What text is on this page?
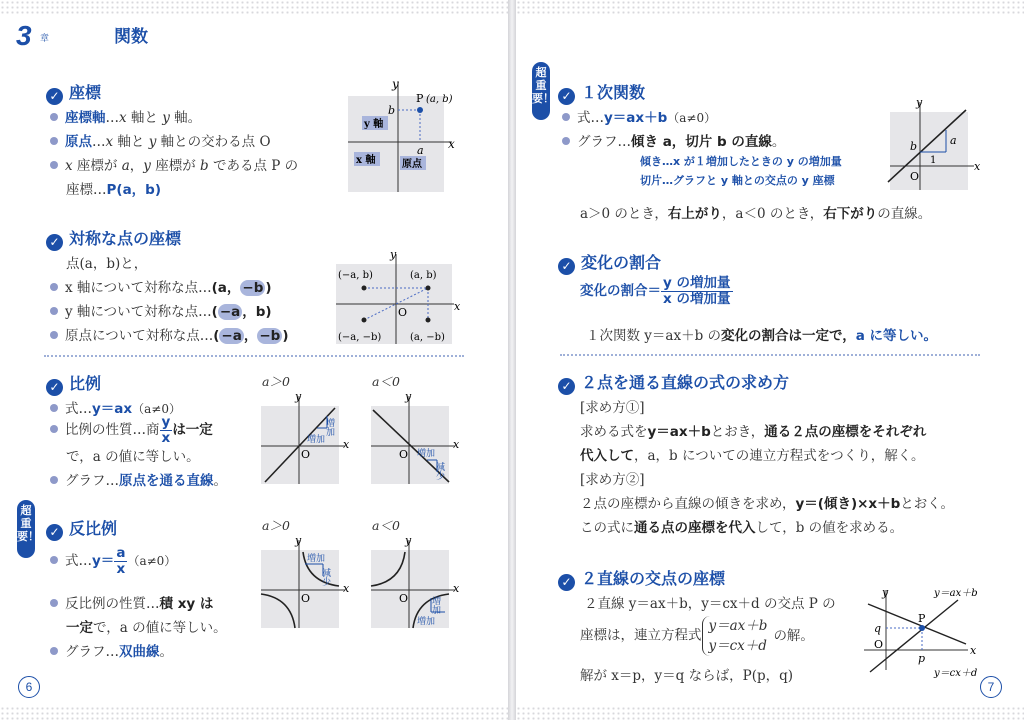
3 章	関数
✓ 座標
座標軸…x 軸と y 軸。
原点…x 軸と y 軸との交わる点 O
x 座標が a，y 座標が b である点 P の
座標…P(a，b)
y
x
b
a
P (a, b)
y 軸
x 軸	原点
✓ 対称な点の座標
点(a，b)と，
x 軸について対称な点…(a， −b )
y 軸について対称な点…( −a ，b)
原点について対称な点…( −a ， −b )
y
x
O
(−a, b)	(a, b)
(−a, −b)	(a, −b)
✓ 比例
式…y＝ax（a≠0）
比例の性質…商 $\frac{y}{x}$ は一定
で，a の値に等しい。
グラフ…原点を通る直線。
a＞0	a＜0
y
x
O
増加
増加
y
x
O 増加
減少
超重要！ ✓ 反比例
式…y＝ $\frac{a}{x} (a\ne 0)$
反比例の性質…積 xy は
一定で，a の値に等しい。
グラフ…双曲線。
a＞0	a＜0
y
x
O
増加
減少
y
x
O 増加
増加
6
超重要！ ✓ １次関数
式…y＝ax＋b（a≠0）
グラフ…傾き a，切片 b の直線。
傾き…x が１増加したときの y の増加量
切片…グラフと y 軸との交点の y 座標
a＞0 のとき，右上がり，a＜0 のとき，右下がりの直線。
y
x
O
b	a
1
✓ 変化の割合
変化の割合＝ $\frac{\text{y の増加量}}{\text{x の増加量}}$
１次関数 y＝ax＋b の変化の割合は一定で，a に等しい。
✓ ２点を通る直線の式の求め方
[求め方①]
求める式をy＝ax＋bとおき，通る２点の座標をそれぞれ
代入して，a，b についての連立方程式をつくり，解く。
[求め方②]
２点の座標から直線の傾きを求め，y＝(傾き)×x＋bとおく。
この式に通る点の座標を代入して，b の値を求める。
✓ ２直線の交点の座標
２直線 y＝ax＋b，y＝cx＋d の交点 P の
座標は，連立方程式
y＝ax＋b
y＝cx＋d
の解。
解が x＝p，y＝q ならば，P(p，q)
y
x
O
P
p
q
y＝ax＋b
y＝cx＋d
7
